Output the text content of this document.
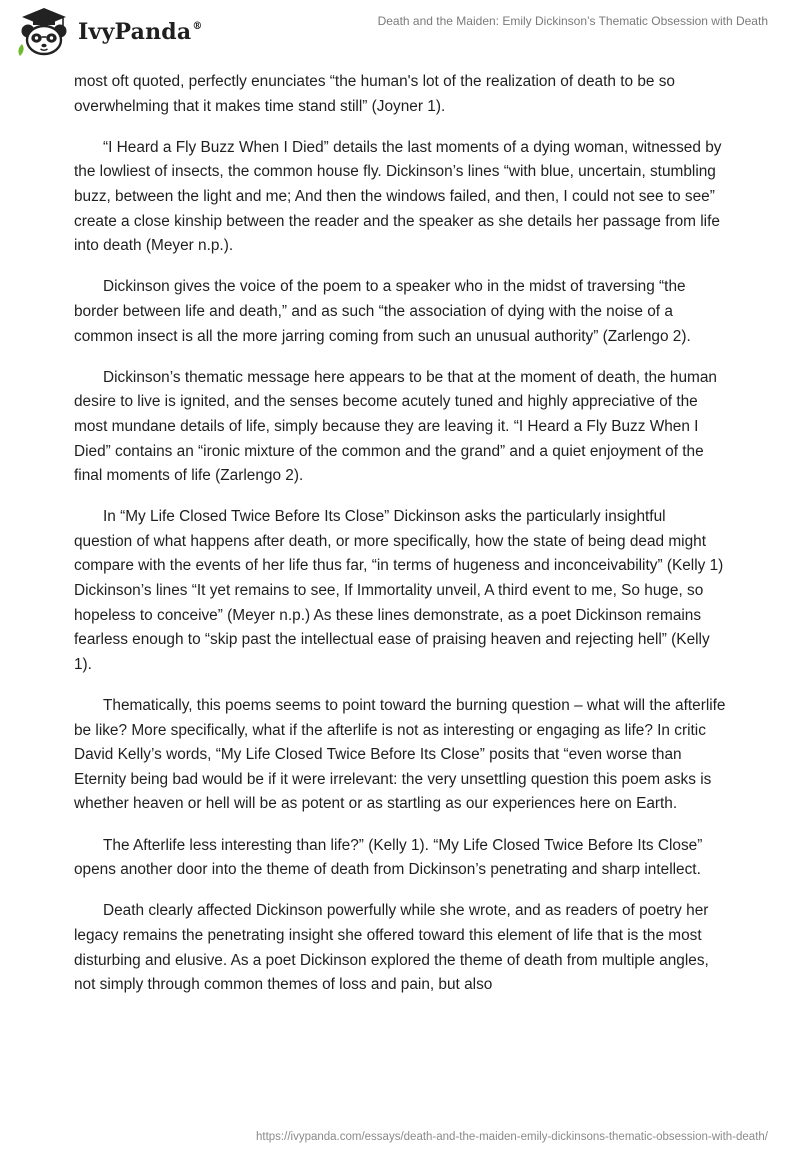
IvyPanda®	Death and the Maiden: Emily Dickinson’s Thematic Obsession with Death

most oft quoted, perfectly enunciates “the human's lot of the realization of death to be so overwhelming that it makes time stand still” (Joyner 1).

“I Heard a Fly Buzz When I Died” details the last moments of a dying woman, witnessed by the lowliest of insects, the common house fly. Dickinson’s lines “with blue, uncertain, stumbling buzz, between the light and me; And then the windows failed, and then, I could not see to see” create a close kinship between the reader and the speaker as she details her passage from life into death (Meyer n.p.).

Dickinson gives the voice of the poem to a speaker who in the midst of traversing “the border between life and death,” and as such “the association of dying with the noise of a common insect is all the more jarring coming from such an unusual authority” (Zarlengo 2).

Dickinson’s thematic message here appears to be that at the moment of death, the human desire to live is ignited, and the senses become acutely tuned and highly appreciative of the most mundane details of life, simply because they are leaving it. “I Heard a Fly Buzz When I Died” contains an “ironic mixture of the common and the grand” and a quiet enjoyment of the final moments of life (Zarlengo 2).

In “My Life Closed Twice Before Its Close” Dickinson asks the particularly insightful question of what happens after death, or more specifically, how the state of being dead might compare with the events of her life thus far, “in terms of hugeness and inconceivability” (Kelly 1) Dickinson’s lines “It yet remains to see, If Immortality unveil, A third event to me, So huge, so hopeless to conceive” (Meyer n.p.) As these lines demonstrate, as a poet Dickinson remains fearless enough to “skip past the intellectual ease of praising heaven and rejecting hell” (Kelly 1).

Thematically, this poems seems to point toward the burning question – what will the afterlife be like? More specifically, what if the afterlife is not as interesting or engaging as life? In critic David Kelly’s words, “My Life Closed Twice Before Its Close” posits that “even worse than Eternity being bad would be if it were irrelevant: the very unsettling question this poem asks is whether heaven or hell will be as potent or as startling as our experiences here on Earth.

The Afterlife less interesting than life?” (Kelly 1). “My Life Closed Twice Before Its Close” opens another door into the theme of death from Dickinson’s penetrating and sharp intellect.

Death clearly affected Dickinson powerfully while she wrote, and as readers of poetry her legacy remains the penetrating insight she offered toward this element of life that is the most disturbing and elusive. As a poet Dickinson explored the theme of death from multiple angles, not simply through common themes of loss and pain, but also

https://ivypanda.com/essays/death-and-the-maiden-emily-dickinsons-thematic-obsession-with-death/
